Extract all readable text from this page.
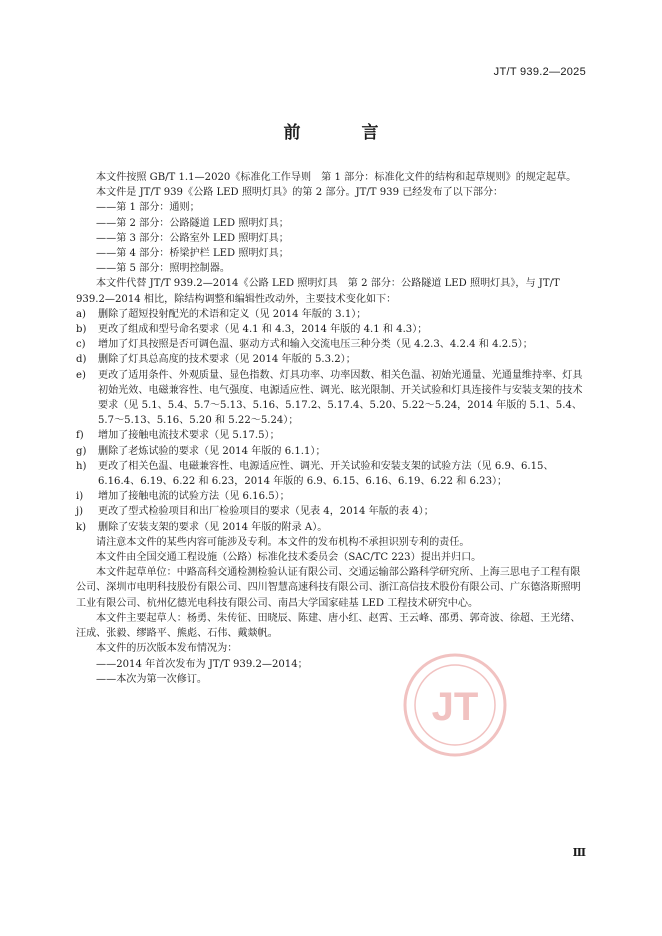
JT/T 939.2—2025
前　言
JT

本文件按照 GB/T 1.1—2020《标准化工作导则　第 1 部分：标准化文件的结构和起草规则》的规定起草。

本文件是 JT/T 939《公路 LED 照明灯具》的第 2 部分。JT/T 939 已经发布了以下部分：

——第 1 部分：通则；

——第 2 部分：公路隧道 LED 照明灯具；

——第 3 部分：公路室外 LED 照明灯具；

——第 4 部分：桥梁护栏 LED 照明灯具；

——第 5 部分：照明控制器。

本文件代替 JT/T 939.2—2014《公路 LED 照明灯具　第 2 部分：公路隧道 LED 照明灯具》，与 JT/T 939.2—2014 相比，除结构调整和编辑性改动外，主要技术变化如下：

a)	删除了超短投射配光的术语和定义（见 2014 年版的 3.1）；
b)	更改了组成和型号命名要求（见 4.1 和 4.3，2014 年版的 4.1 和 4.3）；
c)	增加了灯具按照是否可调色温、驱动方式和输入交流电压三种分类（见 4.2.3、4.2.4 和 4.2.5）；
d)	删除了灯具总高度的技术要求（见 2014 年版的 5.3.2）；
e)	更改了适用条件、外观质量、显色指数、灯具功率、功率因数、相关色温、初始光通量、光通量维持率、灯具初始光效、电磁兼容性、电气强度、电源适应性、调光、眩光限制、开关试验和灯具连接件与安装支架的技术要求（见 5.1、5.4、5.7～5.13、5.16、5.17.2、5.17.4、5.20、5.22～5.24，2014 年版的 5.1、5.4、5.7～5.13、5.16、5.20 和 5.22～5.24）；
f)	增加了接触电流技术要求（见 5.17.5）；
g)	删除了老炼试验的要求（见 2014 年版的 6.1.1）；
h)	更改了相关色温、电磁兼容性、电源适应性、调光、开关试验和安装支架的试验方法（见 6.9、6.15、6.16.4、6.19、6.22 和 6.23，2014 年版的 6.9、6.15、6.16、6.19、6.22 和 6.23）；
i)	增加了接触电流的试验方法（见 6.16.5）；
j)	更改了型式检验项目和出厂检验项目的要求（见表 4，2014 年版的表 4）；
k)	删除了安装支架的要求（见 2014 年版的附录 A）。

请注意本文件的某些内容可能涉及专利。本文件的发布机构不承担识别专利的责任。

本文件由全国交通工程设施（公路）标准化技术委员会（SAC/TC 223）提出并归口。

本文件起草单位：中路高科交通检测检验认证有限公司、交通运输部公路科学研究所、上海三思电子工程有限公司、深圳市电明科技股份有限公司、四川智慧高速科技有限公司、浙江高信技术股份有限公司、广东德洛斯照明工业有限公司、杭州亿德光电科技有限公司、南昌大学国家硅基 LED 工程技术研究中心。

本文件主要起草人：杨勇、朱传征、田晓辰、陈建、唐小红、赵霄、王云峰、邵勇、郭奇波、徐超、王光绪、汪成、张毅、缪路平、熊彪、石伟、戴燚帆。

本文件的历次版本发布情况为：

——2014 年首次发布为 JT/T 939.2—2014；

——本次为第一次修订。

Ⅲ
